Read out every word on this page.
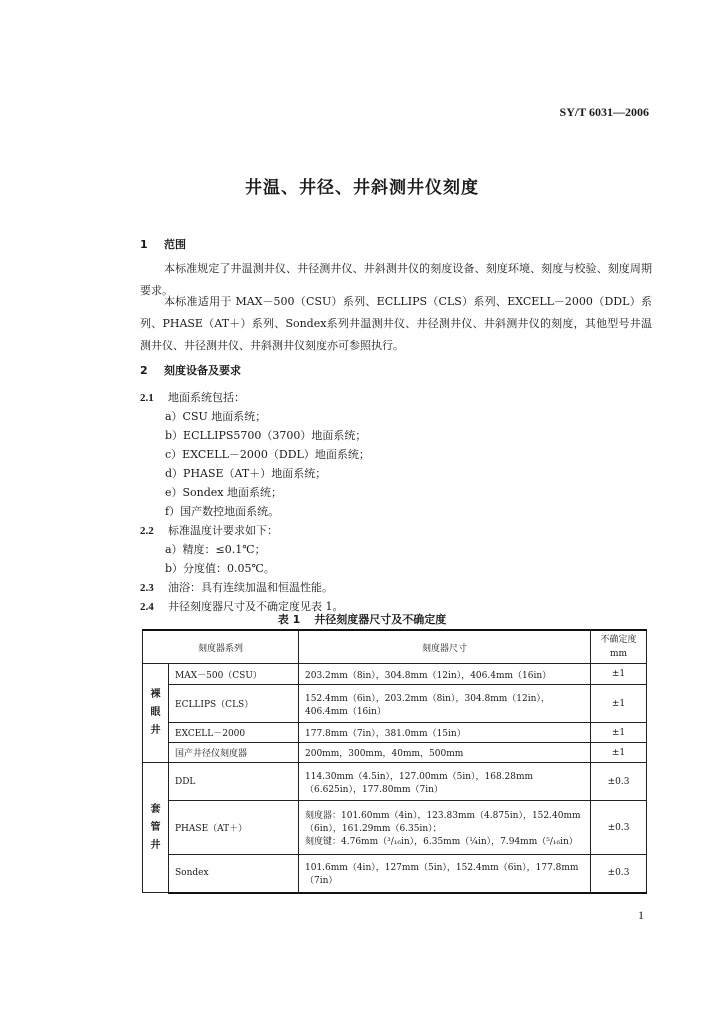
SY/T 6031—2006
井温、井径、井斜测井仪刻度
1 范围
本标准规定了井温测井仪、井径测井仪、井斜测井仪的刻度设备、刻度环境、刻度与校验、刻度周期要求。
本标准适用于 MAX－500（CSU）系列、ECLLIPS（CLS）系列、EXCELL－2000（DDL）系列、PHASE（AT＋）系列、Sondex系列井温测井仪、井径测井仪、井斜测井仪的刻度，其他型号井温测井仪、井径测井仪、井斜测井仪刻度亦可参照执行。
2 刻度设备及要求
2.1 地面系统包括：
a）CSU 地面系统；
b）ECLLIPS5700（3700）地面系统；
c）EXCELL－2000（DDL）地面系统；
d）PHASE（AT＋）地面系统；
e）Sondex 地面系统；
f）国产数控地面系统。
2.2 标准温度计要求如下：
a）精度：≤0.1℃；
b）分度值：0.05℃。
2.3 油浴：具有连续加温和恒温性能。
2.4 井径刻度器尺寸及不确定度见表 1。
表 1 井径刻度器尺寸及不确定度
刻度器系列		刻度器尺寸	不确定度
mm

裸眼井	MAX－500（CSU）	203.2mm（8in），304.8mm（12in），406.4mm（16in）	±1
	ECLLIPS（CLS）	152.4mm（6in），203.2mm（8in），304.8mm（12in），406.4mm（16in）	±1
	EXCELL－2000	177.8mm（7in），381.0mm（15in）	±1
	国产井径仪刻度器	200mm，300mm，40mm，500mm	±1
套管井	DDL	114.30mm（4.5in），127.00mm（5in），168.28mm（6.625in），177.80mm（7in）	±0.3
	PHASE（AT＋）	刻度器：101.60mm（4in），123.83mm（4.875in），152.40mm（6in），161.29mm（6.35in）；
刻度键：4.76mm（³/₁₆in），6.35mm（¼in），7.94mm（⁵/₁₆in）	±0.3
	Sondex	101.6mm（4in），127mm（5in），152.4mm（6in），177.8mm（7in）	±0.3
1
